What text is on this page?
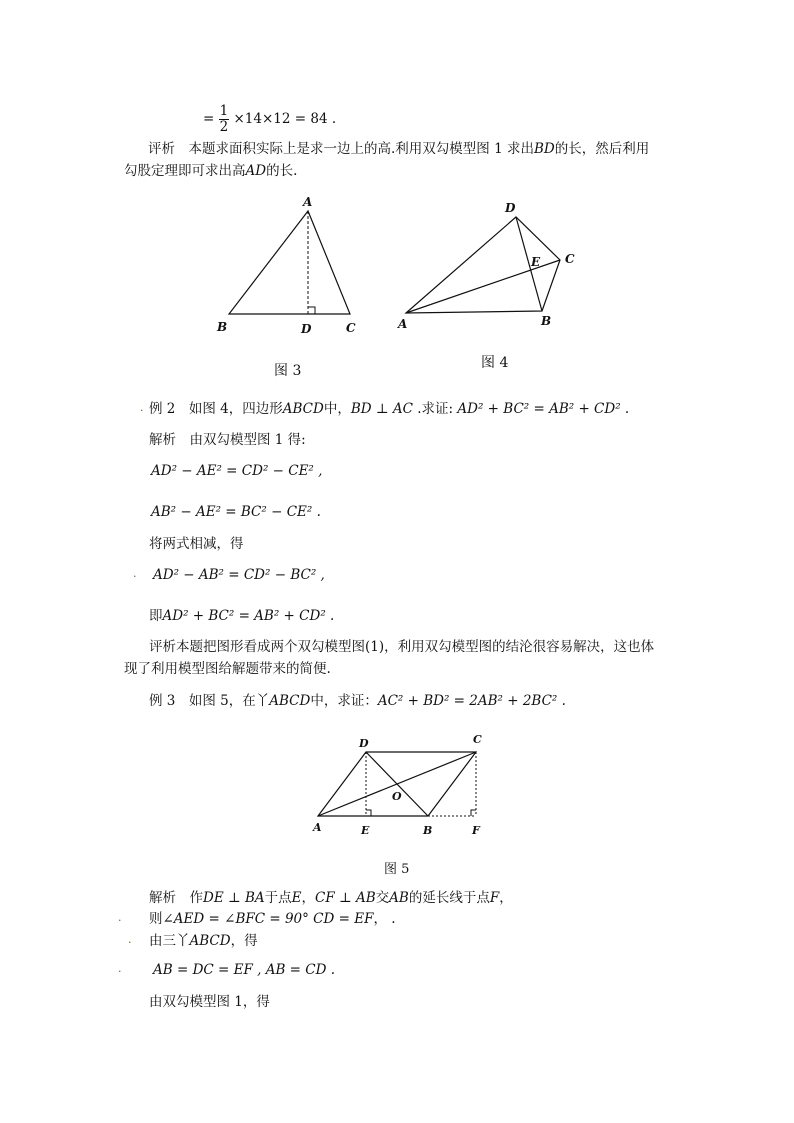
= $\frac{1}{2} \times 14\times 12 = 84$ .
评析　本题求面积实际上是求一边上的高.利用双勾模型图 1 求出BD的长，然后利用
勾股定理即可求出高AD的长.
A
B	D	C
图 3
D
E C
B
A
图 4
. 例 2　如图 4，四边形ABCD中，BD ⊥ AC .求证: AD² + BC² = AB² + CD² .
解析　由双勾模型图 1 得:
AD² − AE² = CD² − CE² ,
AB² − AE² = BC² − CE² .
将两式相减，得
. AD² − AB² = CD² − BC² ,
即AD² + BC² = AB² + CD² .
评析本题把图形看成两个双勾模型图(1)，利用双勾模型图的结沦很容易解决，这也体
现了利用模型图给解题带来的简便.
例 3　如图 5，在丫ABCD中，求证：AC² + BD² = 2AB² + 2BC² .
D	C
O
A	E	B	F
图 5
解析　作DE ⊥ BA于点E，CF ⊥ AB交AB的延长线于点F，
. 则∠AED = ∠BFC = 90° CD = EF， .
. 由三丫ABCD，得
. AB = DC = EF , AB = CD .
由双勾模型图 1，得
